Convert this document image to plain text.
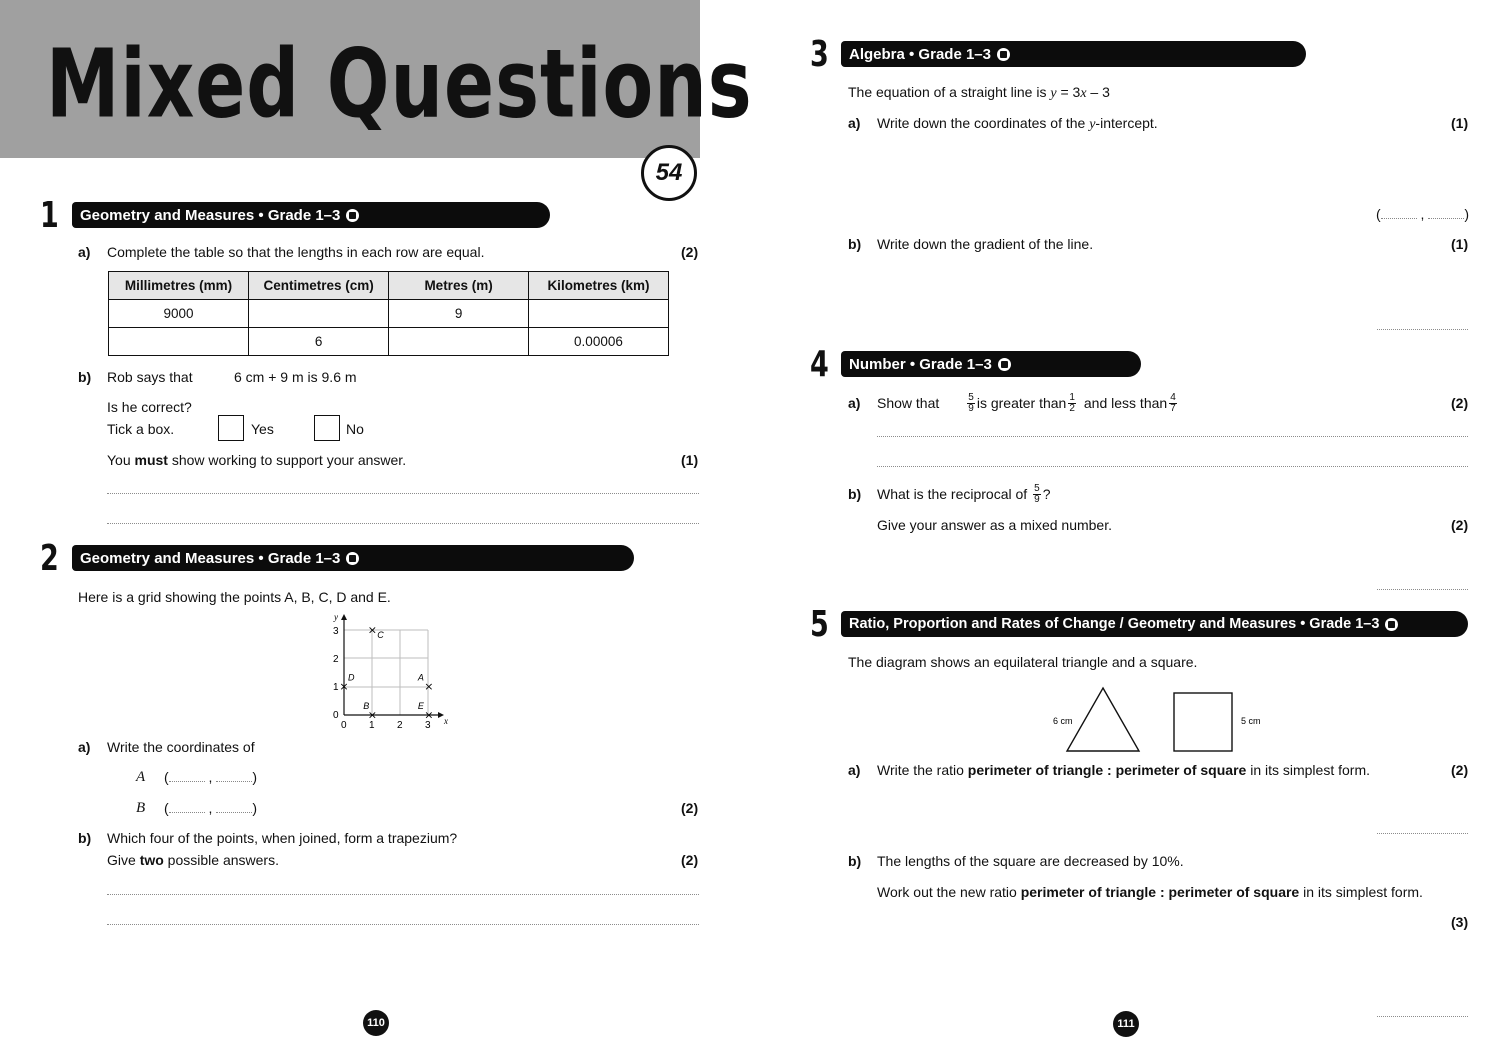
Mixed Questions
54
1 Geometry and Measures • Grade 1–3
a) Complete the table so that the lengths in each row are equal.	(2)
Millimetres (mm)	Centimetres (cm)	Metres (m)	Kilometres (km)
9000		9	
	6		0.00006
b) Rob says that	6 cm + 9 m is 9.6 m
Is he correct?
Tick a box.	Yes	No
You must show working to support your answer.	(1)
2 Geometry and Measures • Grade 1–3
Here is a grid showing the points A, B, C, D and E.
x
y
0 1 2 3
0
1
2
3
×
A
×
B
× C
×
D
×
E
a) Write the coordinates of
A (	,	)
B (	,	)	(2)
b) Which four of the points, when joined, form a trapezium?
Give two possible answers.	(2)
110
3 Algebra • Grade 1–3
The equation of a straight line is y = 3x – 3
a) Write down the coordinates of the y-intercept.	(1)
(	,	)
b) Write down the gradient of the line.	(1)
4 Number • Grade 1–3
a) Show that	$\frac{5}{9}$ is greater than $\frac{1}{2}$ and less than $\frac{4}{7}$	(2)
b) What is the reciprocal of $\frac{5}{9}$ ?
Give your answer as a mixed number.	(2)
5 Ratio, Proportion and Rates of Change / Geometry and Measures • Grade 1–3
The diagram shows an equilateral triangle and a square.
6 cm	5 cm
a) Write the ratio perimeter of triangle : perimeter of square in its simplest form.	(2)
b) The lengths of the square are decreased by 10%.
Work out the new ratio perimeter of triangle : perimeter of square in its simplest form.
(3)
111
